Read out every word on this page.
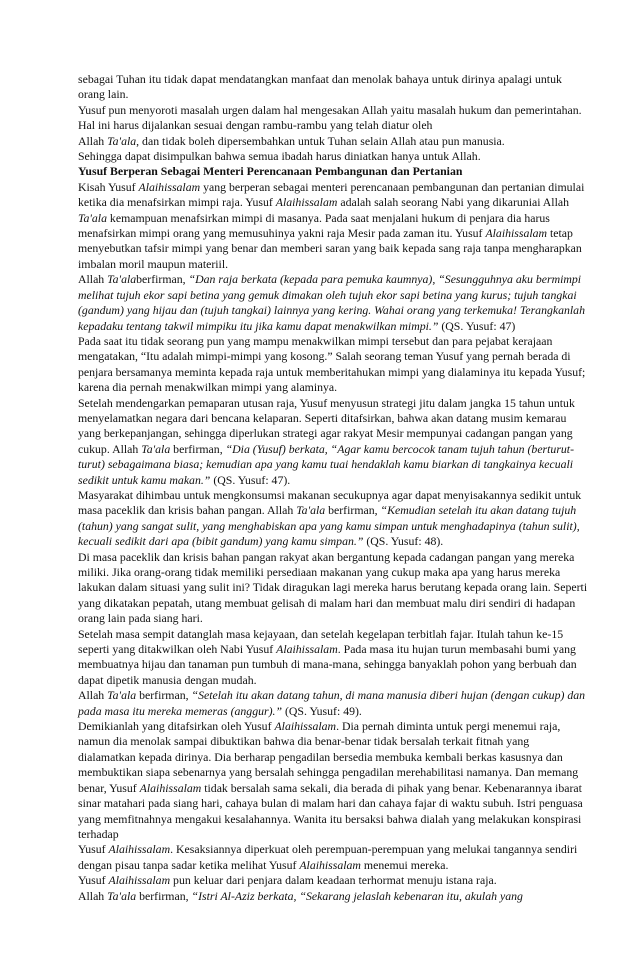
sebagai Tuhan itu tidak dapat mendatangkan manfaat dan menolak bahaya untuk dirinya apalagi untuk orang lain.

Yusuf pun menyoroti masalah urgen dalam hal mengesakan Allah yaitu masalah hukum dan pemerintahan. Hal ini harus dijalankan sesuai dengan rambu-rambu yang telah diatur oleh

Allah Ta'ala, dan tidak boleh dipersembahkan untuk Tuhan selain Allah atau pun manusia.

Sehingga dapat disimpulkan bahwa semua ibadah harus diniatkan hanya untuk Allah.

Yusuf Berperan Sebagai Menteri Perencanaan Pembangunan dan Pertanian

Kisah Yusuf Alaihissalam yang berperan sebagai menteri perencanaan pembangunan dan pertanian dimulai ketika dia menafsirkan mimpi raja. Yusuf Alaihissalam adalah salah seorang Nabi yang dikaruniai Allah Ta'ala kemampuan menafsirkan mimpi di masanya. Pada saat menjalani hukum di penjara dia harus menafsirkan mimpi orang yang memusuhinya yakni raja Mesir pada zaman itu. Yusuf Alaihissalam tetap menyebutkan tafsir mimpi yang benar dan memberi saran yang baik kepada sang raja tanpa mengharapkan imbalan moril maupun materiil.

Allah Ta'alaberfirman, “Dan raja berkata (kepada para pemuka kaumnya), “Sesungguhnya aku bermimpi melihat tujuh ekor sapi betina yang gemuk dimakan oleh tujuh ekor sapi betina yang kurus; tujuh tangkai (gandum) yang hijau dan (tujuh tangkai) lainnya yang kering. Wahai orang yang terkemuka! Terangkanlah kepadaku tentang takwil mimpiku itu jika kamu dapat menakwilkan mimpi.” (QS. Yusuf: 47)

Pada saat itu tidak seorang pun yang mampu menakwilkan mimpi tersebut dan para pejabat kerajaan mengatakan, “Itu adalah mimpi-mimpi yang kosong.” Salah seorang teman Yusuf yang pernah berada di penjara bersamanya meminta kepada raja untuk memberitahukan mimpi yang dialaminya itu kepada Yusuf; karena dia pernah menakwilkan mimpi yang alaminya.

Setelah mendengarkan pemaparan utusan raja, Yusuf menyusun strategi jitu dalam jangka 15 tahun untuk menyelamatkan negara dari bencana kelaparan. Seperti ditafsirkan, bahwa akan datang musim kemarau yang berkepanjangan, sehingga diperlukan strategi agar rakyat Mesir mempunyai cadangan pangan yang cukup. Allah Ta'ala berfirman, “Dia (Yusuf) berkata, “Agar kamu bercocok tanam tujuh tahun (berturut-turut) sebagaimana biasa; kemudian apa yang kamu tuai hendaklah kamu biarkan di tangkainya kecuali sedikit untuk kamu makan.” (QS. Yusuf: 47).

Masyarakat dihimbau untuk mengkonsumsi makanan secukupnya agar dapat menyisakannya sedikit untuk masa paceklik dan krisis bahan pangan. Allah Ta'ala berfirman, “Kemudian setelah itu akan datang tujuh (tahun) yang sangat sulit, yang menghabiskan apa yang kamu simpan untuk menghadapinya (tahun sulit), kecuali sedikit dari apa (bibit gandum) yang kamu simpan.” (QS. Yusuf: 48).

Di masa paceklik dan krisis bahan pangan rakyat akan bergantung kepada cadangan pangan yang mereka miliki. Jika orang-orang tidak memiliki persediaan makanan yang cukup maka apa yang harus mereka lakukan dalam situasi yang sulit ini? Tidak diragukan lagi mereka harus berutang kepada orang lain. Seperti yang dikatakan pepatah, utang membuat gelisah di malam hari dan membuat malu diri sendiri di hadapan orang lain pada siang hari.

Setelah masa sempit datanglah masa kejayaan, dan setelah kegelapan terbitlah fajar. Itulah tahun ke-15 seperti yang ditakwilkan oleh Nabi Yusuf Alaihissalam. Pada masa itu hujan turun membasahi bumi yang membuatnya hijau dan tanaman pun tumbuh di mana-mana, sehingga banyaklah pohon yang berbuah dan dapat dipetik manusia dengan mudah.

Allah Ta'ala berfirman, “Setelah itu akan datang tahun, di mana manusia diberi hujan (dengan cukup) dan pada masa itu mereka memeras (anggur).” (QS. Yusuf: 49).

Demikianlah yang ditafsirkan oleh Yusuf Alaihissalam. Dia pernah diminta untuk pergi menemui raja, namun dia menolak sampai dibuktikan bahwa dia benar-benar tidak bersalah terkait fitnah yang dialamatkan kepada dirinya. Dia berharap pengadilan bersedia membuka kembali berkas kasusnya dan membuktikan siapa sebenarnya yang bersalah sehingga pengadilan merehabilitasi namanya. Dan memang benar, Yusuf Alaihissalam tidak bersalah sama sekali, dia berada di pihak yang benar. Kebenarannya ibarat sinar matahari pada siang hari, cahaya bulan di malam hari dan cahaya fajar di waktu subuh. Istri penguasa yang memfitnahnya mengakui kesalahannya. Wanita itu bersaksi bahwa dialah yang melakukan konspirasi terhadap

Yusuf Alaihissalam. Kesaksiannya diperkuat oleh perempuan-perempuan yang melukai tangannya sendiri dengan pisau tanpa sadar ketika melihat Yusuf Alaihissalam menemui mereka.

Yusuf Alaihissalam pun keluar dari penjara dalam keadaan terhormat menuju istana raja.

Allah Ta'ala berfirman, “Istri Al-Aziz berkata, “Sekarang jelaslah kebenaran itu, akulah yang
